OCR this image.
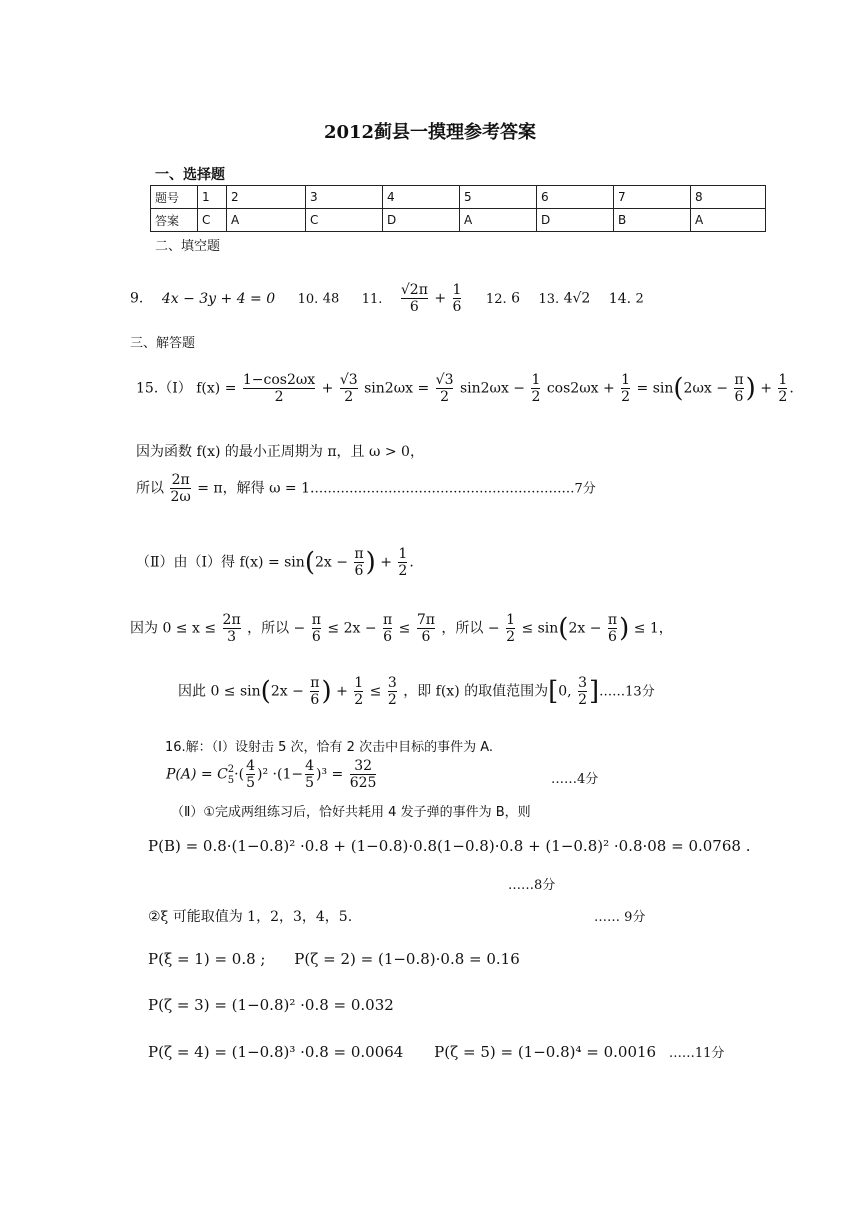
2012蓟县一摸理参考答案
一、选择题
题号	1	2	3	4	5	6	7	8
答案	C	A	C	D	A	D	B	A
二、填空题
9. 4x − 3y + 4 = 0 10. 48 11. $\frac{√2\pi}{6} + \frac{1}{6} 12$. 6 13. 4√2 14. 2
三、解答题
15.（Ⅰ） $f(x) = \frac{1-\cos 2\omega x}{2} + \frac{√3}{2} \sin 2\omega x = \frac{√3}{2} \sin 2\omega x - \frac{1}{2} \cos 2\omega x + \frac{1}{2} = \sin(2\omega x - \frac{\pi}{6}$ ) + $\frac{1}{2}$ .
因为函数 f(x) 的最小正周期为 π，且 ω > 0，
所以 $\frac{2\pi}{2\omega} = \pi$，解得 ω = 1.……………………………………………………7分
（Ⅱ）由（Ⅰ）得 $f(x) = \sin(2x - \frac{\pi}{6}$ ) + $\frac{1}{2}$ .
因为 $0 \le x \le \frac{2\pi}{3}$ ，所以 − $\frac{\pi}{6} \le 2x - \frac{\pi}{6} \le \frac{7\pi}{6}$ ，所以 − $\frac{1}{2} \le \sin(2x - \frac{\pi}{6}$ ) ≤ 1，
因此 $0 \le \sin(2x - \frac{\pi}{6}$ ) + $\frac{1}{2} \le \frac{3}{2}$ ，即 f(x) 的取值范围为[0, $\frac{3}{2}$ ]……13分
16.解：（Ⅰ）设射击 5 次，恰有 2 次击中目标的事件为 A.
P(A) = C 2
5 ·( $\frac{4}{5} )^2 \cdot(1- \frac{4}{5} )^3 = \frac{32}{625}$	……4分
（Ⅱ）①完成两组练习后，恰好共耗用 4 发子弹的事件为 B，则
P(B) = 0.8·(1−0.8)² ·0.8 + (1−0.8)·0.8(1−0.8)·0.8 + (1−0.8)² ·0.8·08 = 0.0768 .
……8分
②ξ 可能取值为 1，2，3，4，5.	…… 9分
P(ξ = 1) = 0.8 ; P(ζ = 2) = (1−0.8)·0.8 = 0.16
P(ζ = 3) = (1−0.8)² ·0.8 = 0.032
P(ζ = 4) = (1−0.8)³ ·0.8 = 0.0064 P(ζ = 5) = (1−0.8)⁴ = 0.0016 ……11分
